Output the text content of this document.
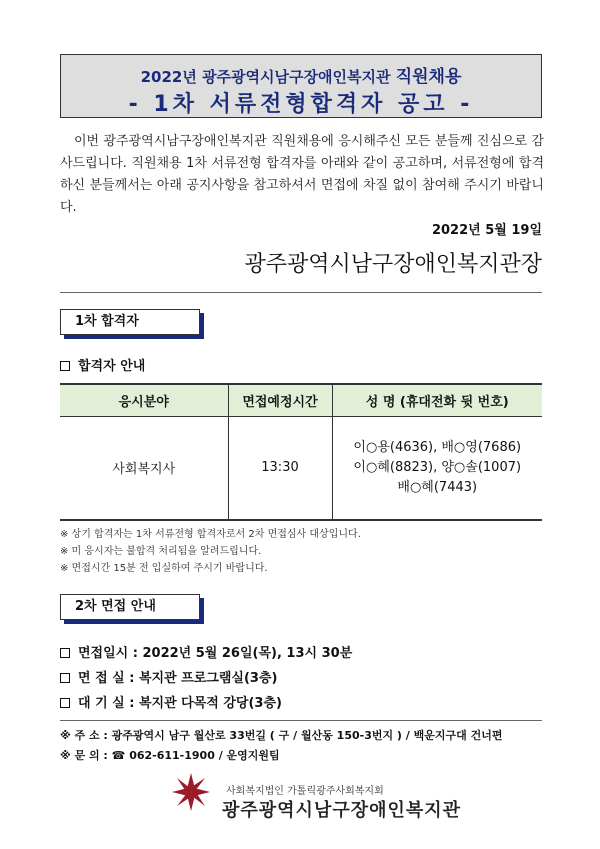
2022년 광주광역시남구장애인복지관 직원채용
- 1차 서류전형합격자 공고 -

이번 광주광역시남구장애인복지관 직원채용에 응시해주신 모든 분들께 진심으로 감사드립니다. 직원채용 1차 서류전형 합격자를 아래와 같이 공고하며, 서류전형에 합격하신 분들께서는 아래 공지사항을 참고하셔서 면접에 차질 없이 참여해 주시기 바랍니다.

2022년 5월 19일
광주광역시남구장애인복지관장
1차 합격자
합격자 안내
응시분야	면접예정시간	성 명 (휴대전화 뒷 번호)
사회복지사	13:30	이○용(4636), 배○영(7686)
이○혜(8823), 양○솔(1007)
배○혜(7443)
※ 상기 합격자는 1차 서류전형 합격자로서 2차 면접심사 대상입니다.
※ 미 응시자는 불합격 처리됨을 알려드립니다.
※ 면접시간 15분 전 입실하여 주시기 바랍니다.
2차 면접 안내
면접일시 : 2022년 5월 26일(목), 13시 30분
면 접 실 : 복지관 프로그램실(3층)
대 기 실 : 복지관 다목적 강당(3층)
※ 주 소 : 광주광역시 남구 월산로 33번길 ( 구 / 월산동 150-3번지 ) / 백운지구대 건너편
※ 문 의 : ☎ 062-611-1900 / 운영지원팀
사회복지법인 가톨릭광주사회복지회
광주광역시남구장애인복지관
